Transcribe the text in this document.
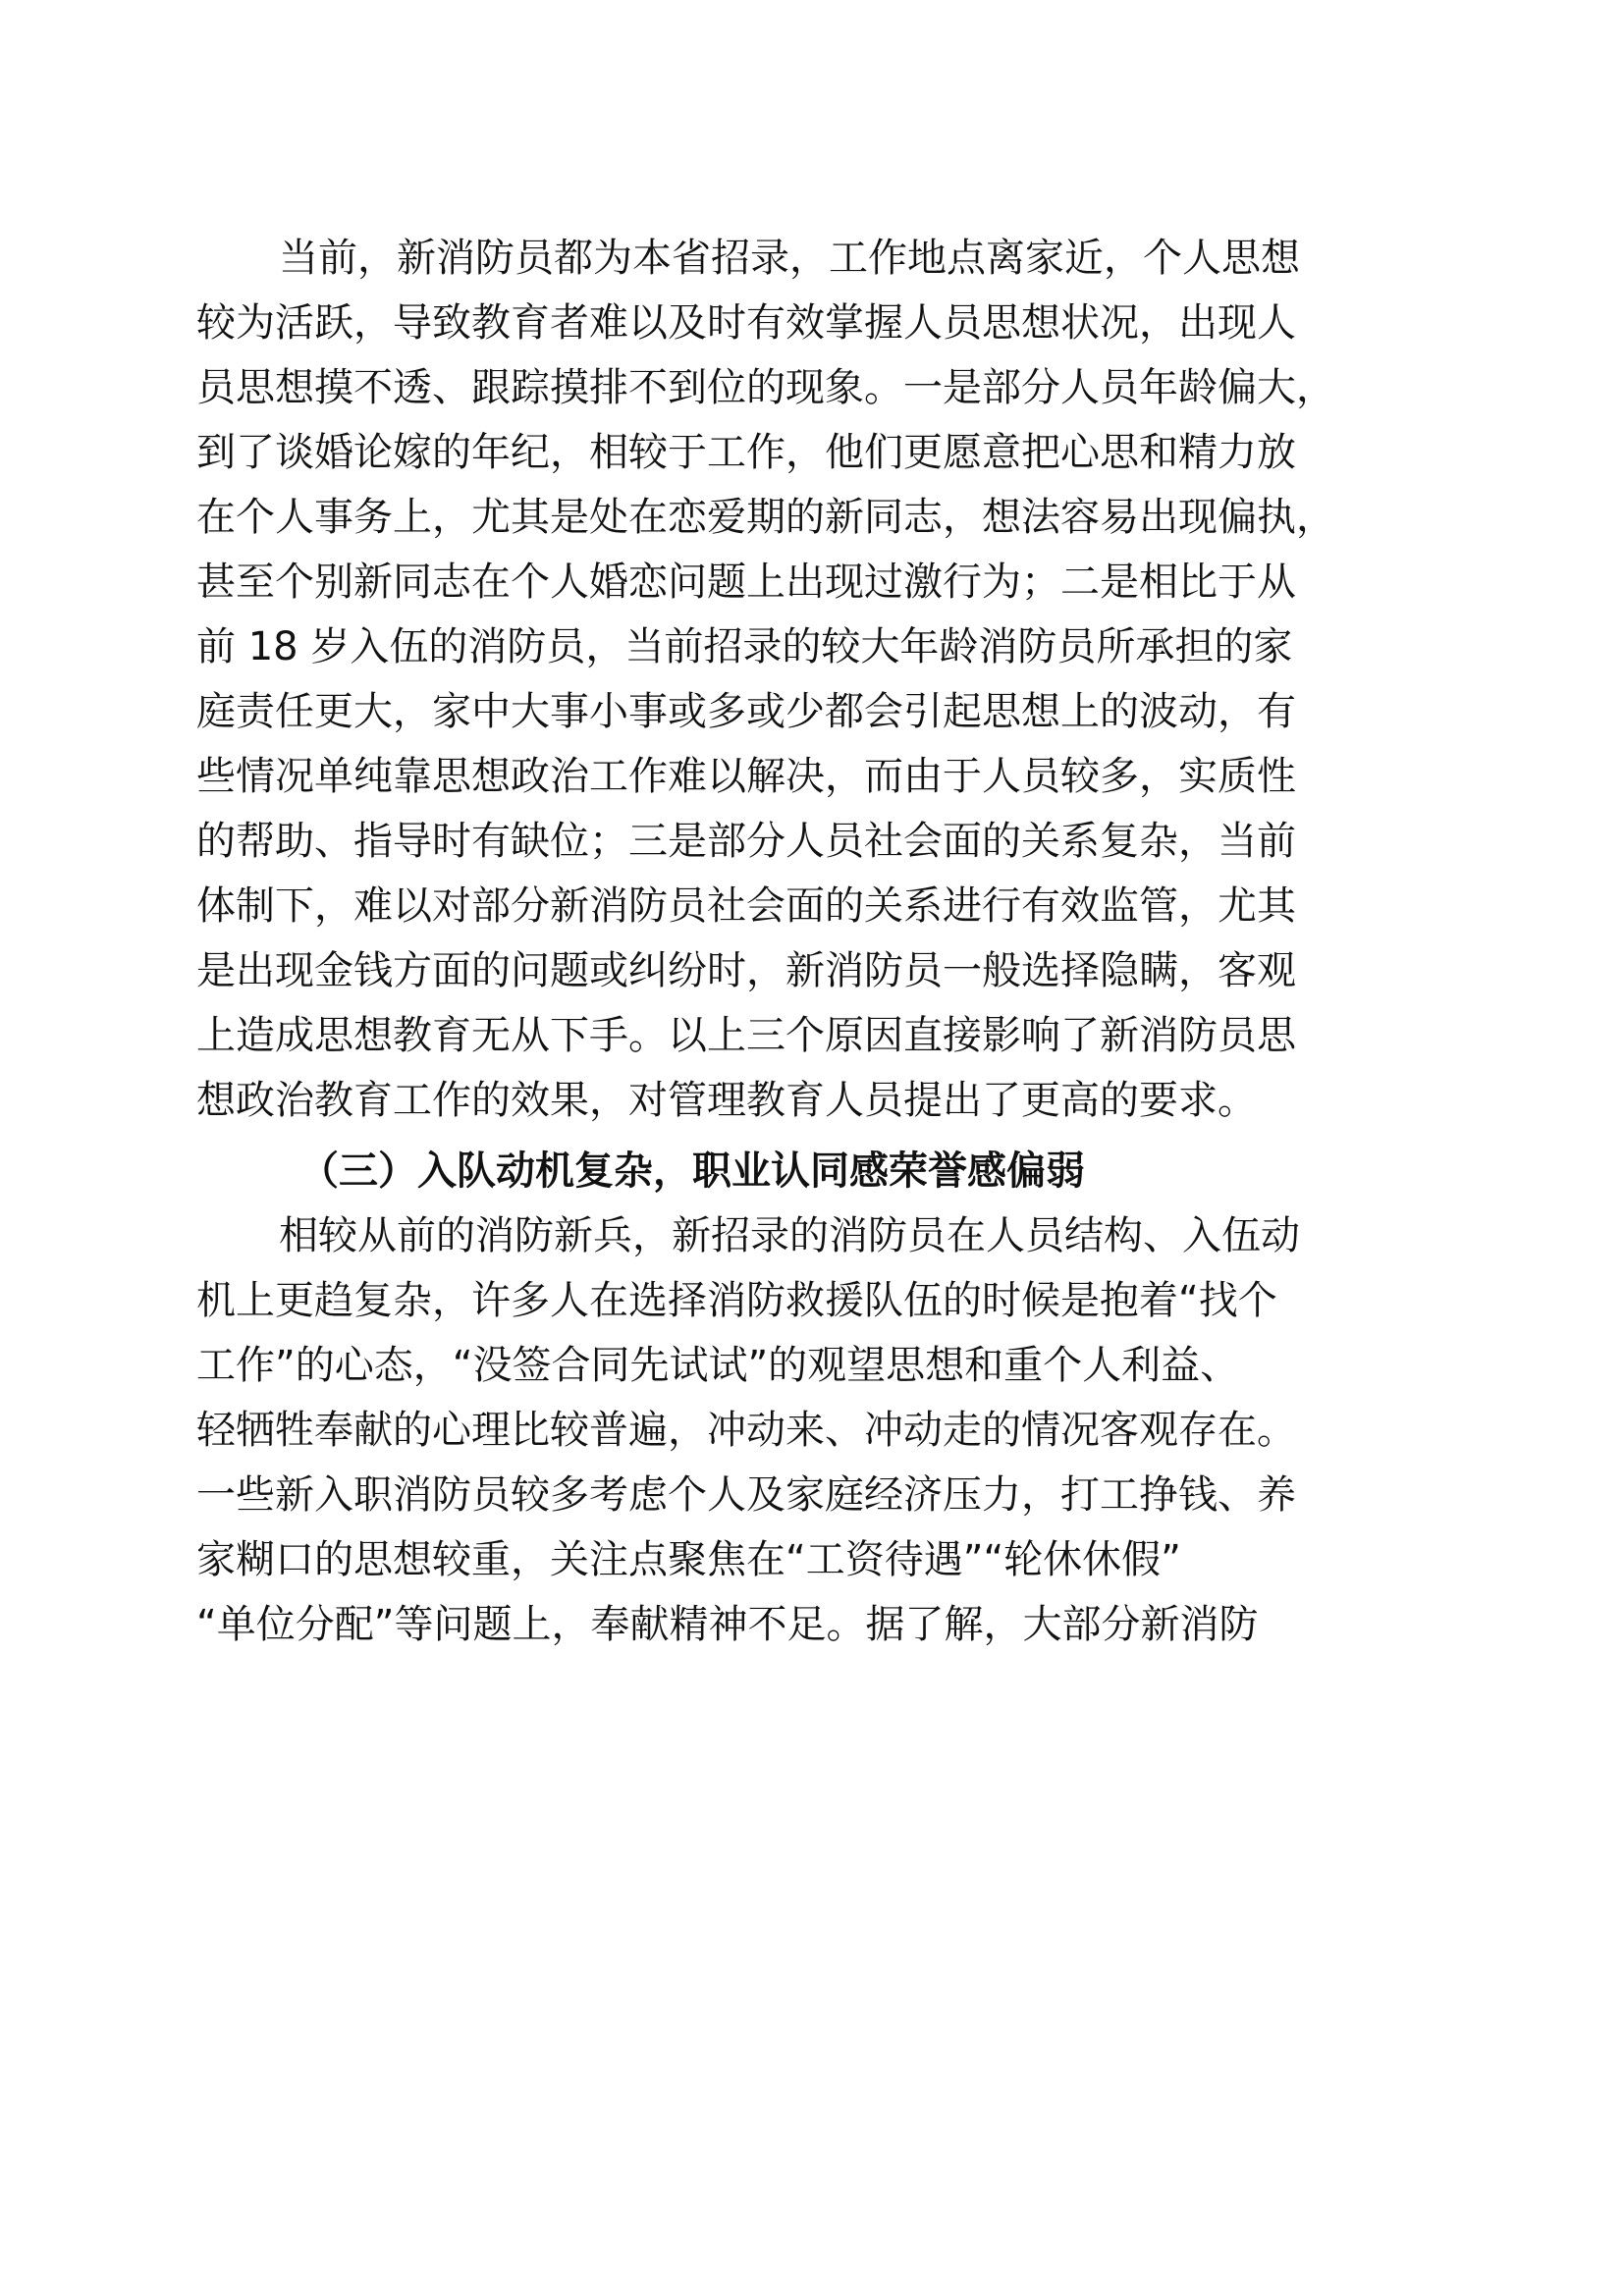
当前，新消防员都为本省招录，工作地点离家近，个人思想
较为活跃，导致教育者难以及时有效掌握人员思想状况，出现人
员思想摸不透、跟踪摸排不到位的现象。一是部分人员年龄偏大，
到了谈婚论嫁的年纪，相较于工作，他们更愿意把心思和精力放
在个人事务上，尤其是处在恋爱期的新同志，想法容易出现偏执，
甚至个别新同志在个人婚恋问题上出现过激行为；二是相比于从
前 18 岁入伍的消防员，当前招录的较大年龄消防员所承担的家
庭责任更大，家中大事小事或多或少都会引起思想上的波动，有
些情况单纯靠思想政治工作难以解决，而由于人员较多，实质性
的帮助、指导时有缺位；三是部分人员社会面的关系复杂，当前
体制下，难以对部分新消防员社会面的关系进行有效监管，尤其
是出现金钱方面的问题或纠纷时，新消防员一般选择隐瞒，客观
上造成思想教育无从下手。以上三个原因直接影响了新消防员思
想政治教育工作的效果，对管理教育人员提出了更高的要求。
（三）入队动机复杂，职业认同感荣誉感偏弱
相较从前的消防新兵，新招录的消防员在人员结构、入伍动
机上更趋复杂，许多人在选择消防救援队伍的时候是抱着“找个
工作”的心态，“没签合同先试试”的观望思想和重个人利益、
轻牺牲奉献的心理比较普遍，冲动来、冲动走的情况客观存在。
一些新入职消防员较多考虑个人及家庭经济压力，打工挣钱、养
家糊口的思想较重，关注点聚焦在“工资待遇”“轮休休假”
“单位分配”等问题上，奉献精神不足。据了解，大部分新消防
